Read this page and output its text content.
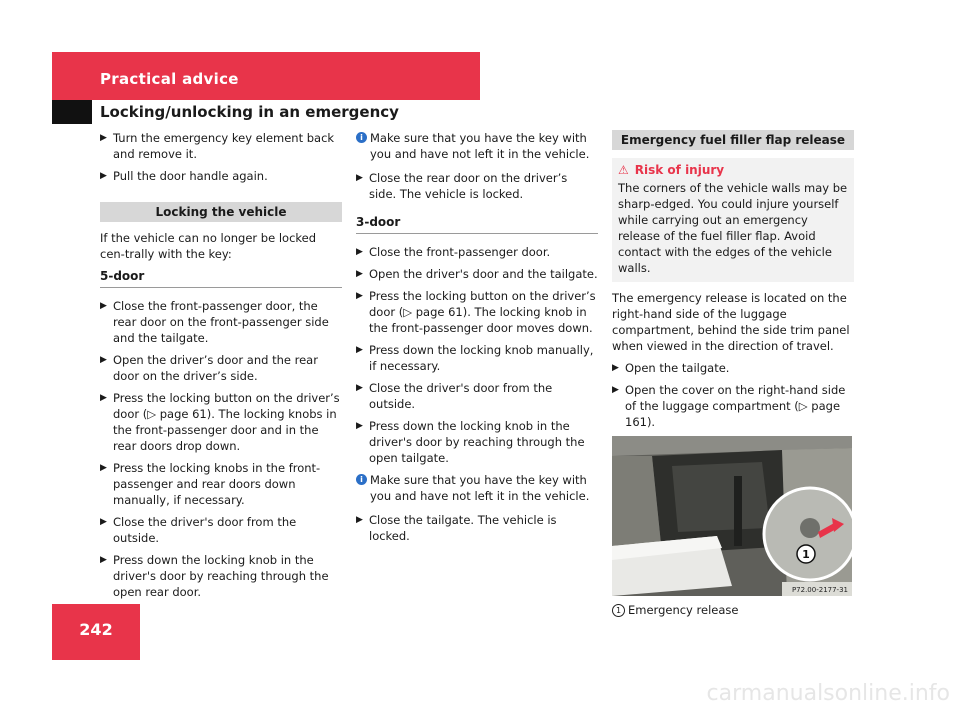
Practical advice
Locking/unlocking in an emergency
▶ Turn the emergency key element back and remove it.
▶ Pull the door handle again.
Locking the vehicle

If the vehicle can no longer be locked cen-trally with the key:

5-door
▶ Close the front-passenger door, the rear door on the front-passenger side and the tailgate.
▶ Open the driver’s door and the rear door on the driver’s side.
▶ Press the locking button on the driver’s door (▷ page 61). The locking knobs in the front-passenger door and in the rear doors drop down.
▶ Press the locking knobs in the front-passenger and rear doors down manually, if necessary.
▶ Close the driver's door from the outside.
▶ Press down the locking knob in the driver's door by reaching through the open rear door.
i Make sure that you have the key with you and have not left it in the vehicle.
▶ Close the rear door on the driver’s side. The vehicle is locked.
3-door
▶ Close the front-passenger door.
▶ Open the driver's door and the tailgate.
▶ Press the locking button on the driver’s door (▷ page 61). The locking knob in the front-passenger door moves down.
▶ Press down the locking knob manually, if necessary.
▶ Close the driver's door from the outside.
▶ Press down the locking knob in the driver's door by reaching through the open tailgate.
i Make sure that you have the key with you and have not left it in the vehicle.
▶ Close the tailgate. The vehicle is locked.
Emergency fuel filler flap release
⚠ Risk of injury
The corners of the vehicle walls may be sharp-edged. You could injure yourself while carrying out an emergency release of the fuel filler flap. Avoid contact with the edges of the vehicle walls.

The emergency release is located on the right-hand side of the luggage compartment, behind the side trim panel when viewed in the direction of travel.

▶ Open the tailgate.
▶ Open the cover on the right-hand side of the luggage compartment (▷ page 161).
1
P72.00-2177-31
1 Emergency release
242
carmanualsonline.info
